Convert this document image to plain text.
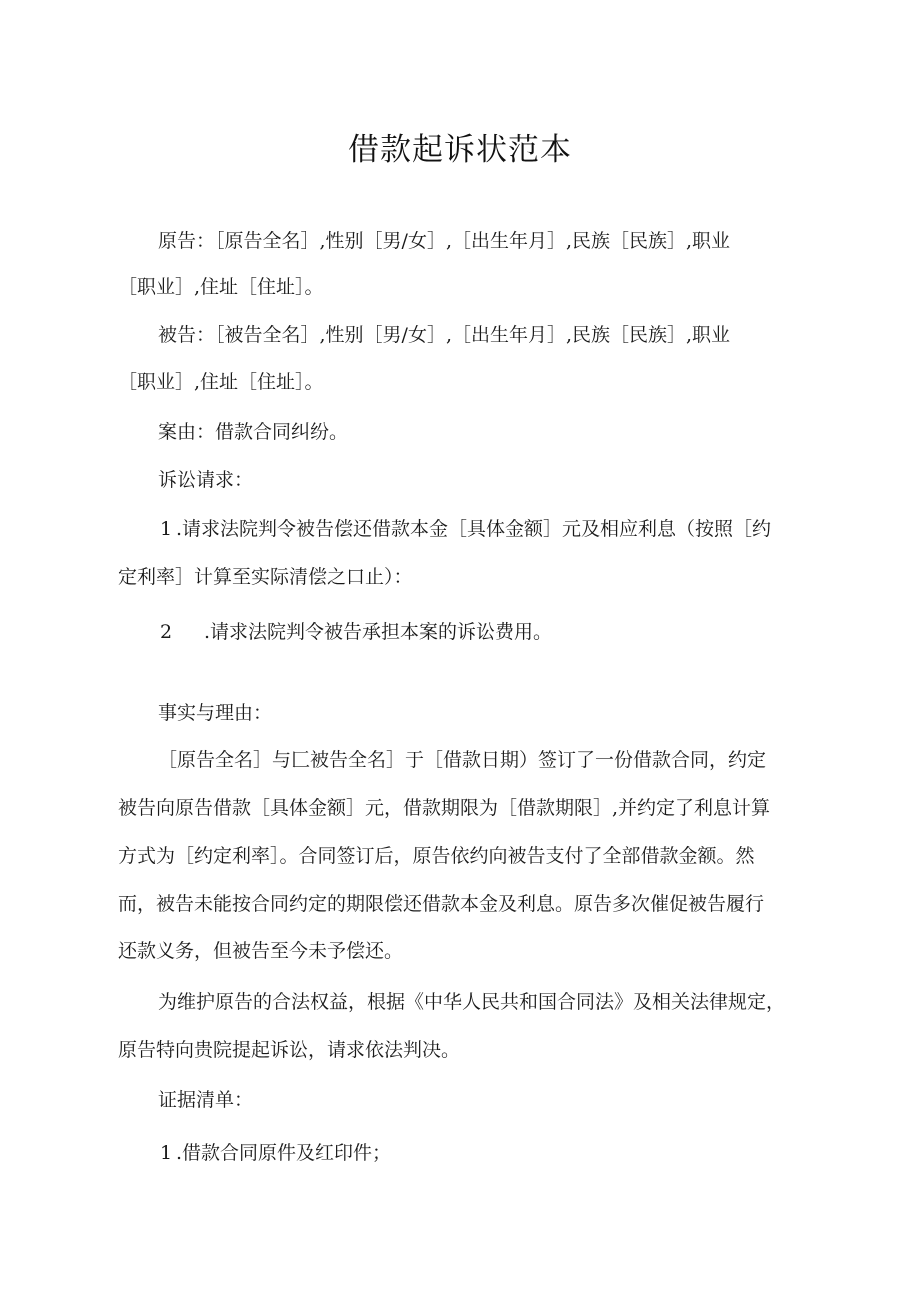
借款起诉状范本
原告：［原告全名］,性别［男/女］,［出生年月］,民族［民族］,职业
［职业］,住址［住址］。
被告：［被告全名］,性别［男/女］,［出生年月］,民族［民族］,职业
［职业］,住址［住址］。
案由：借款合同纠纷。
诉讼请求：
1 .请求法院判令被告偿还借款本金［具体金额］元及相应利息（按照［约
定利率］计算至实际清偿之口止）：
2 .请求法院判令被告承担本案的诉讼费用。
事实与理由：
［原告全名］与匚被告全名］于［借款日期）签订了一份借款合同，约定
被告向原告借款［具体金额］元，借款期限为［借款期限］,并约定了利息计算
方式为［约定利率］。合同签订后，原告依约向被告支付了全部借款金额。然
而，被告未能按合同约定的期限偿还借款本金及利息。原告多次催促被告履行
还款义务，但被告至今未予偿还。
为维护原告的合法权益，根据《中华人民共和国合同法》及相关法律规定，
原告特向贵院提起诉讼，请求依法判决。
证据清单：
1 .借款合同原件及红印件；
